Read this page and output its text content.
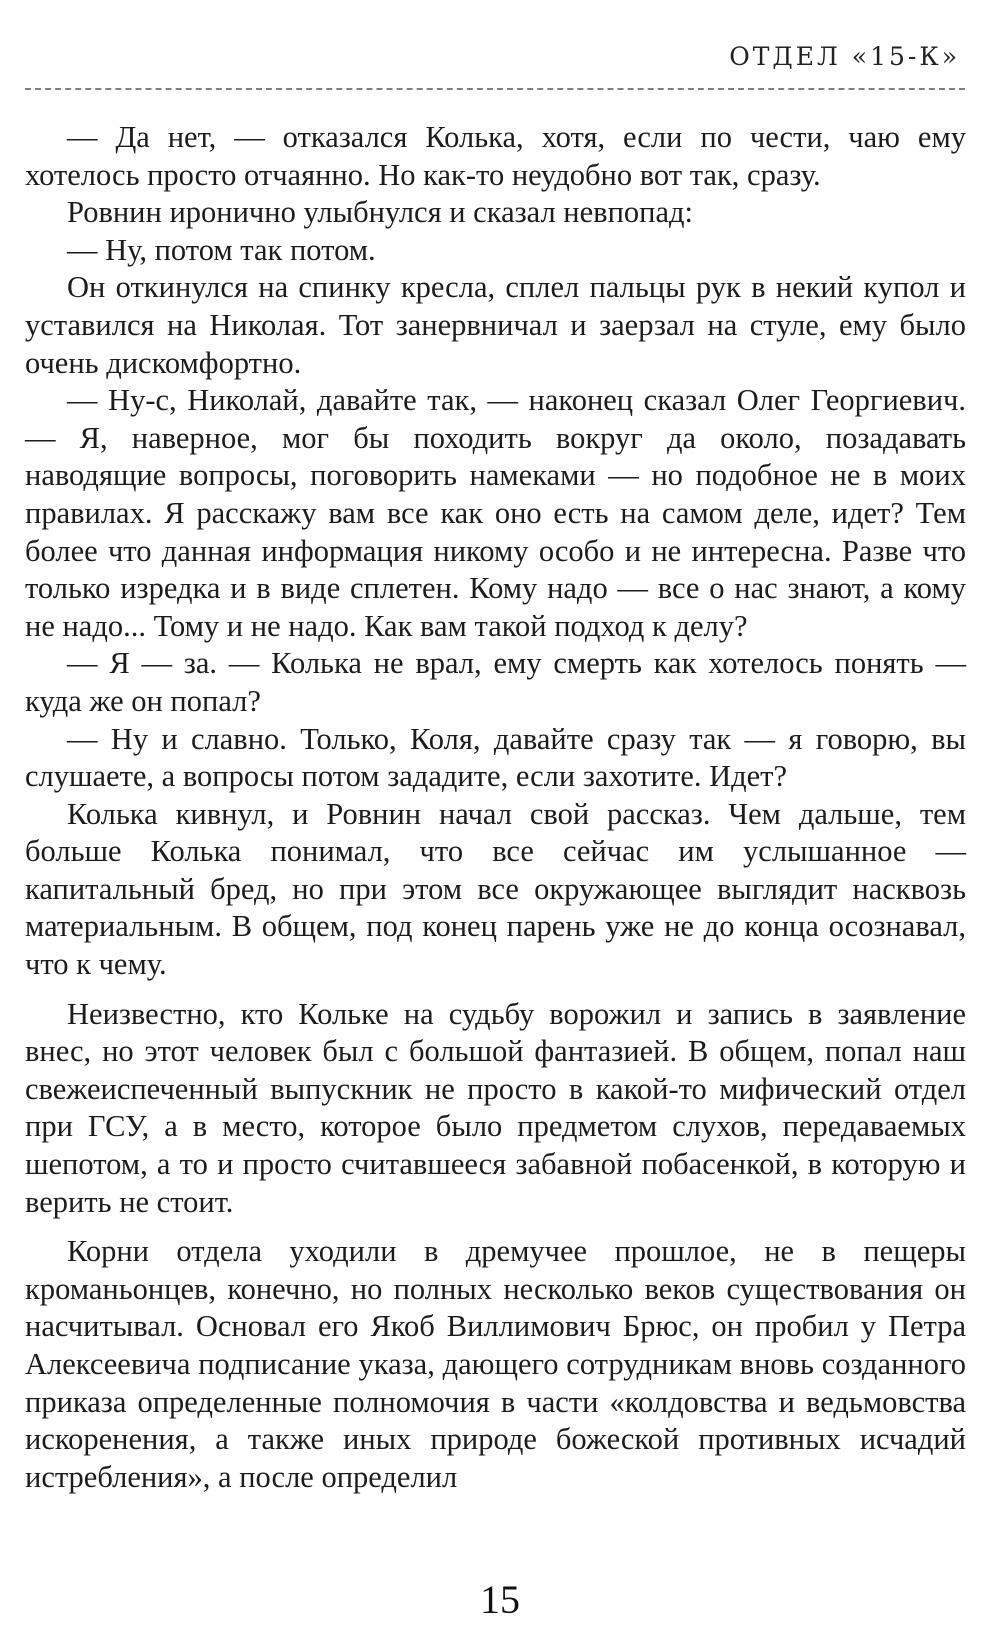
ОТДЕЛ «15-К»

— Да нет, — отказался Колька, хотя, если по чести, чаю ему хотелось просто отчаянно. Но как-то неудобно вот так, сразу.

Ровнин иронично улыбнулся и сказал невпопад:

— Ну, потом так потом.

Он откинулся на спинку кресла, сплел пальцы рук в некий купол и уставился на Николая. Тот занервничал и заерзал на стуле, ему было очень дискомфортно.

— Ну-с, Николай, давайте так, — наконец сказал Олег Георгиевич. — Я, наверное, мог бы походить вокруг да около, позадавать наводящие вопросы, поговорить намеками — но подобное не в моих правилах. Я расскажу вам все как оно есть на самом деле, идет? Тем более что данная информация никому особо и не интересна. Разве что только изредка и в виде сплетен. Кому надо — все о нас знают, а кому не надо... Тому и не надо. Как вам такой подход к делу?

— Я — за. — Колька не врал, ему смерть как хотелось понять — куда же он попал?

— Ну и славно. Только, Коля, давайте сразу так — я говорю, вы слушаете, а вопросы потом зададите, если захотите. Идет?

Колька кивнул, и Ровнин начал свой рассказ. Чем дальше, тем больше Колька понимал, что все сейчас им услышанное — капитальный бред, но при этом все окружающее выглядит насквозь материальным. В общем, под конец парень уже не до конца осознавал, что к чему.

Неизвестно, кто Кольке на судьбу ворожил и запись в заявление внес, но этот человек был с большой фантазией. В общем, попал наш свежеиспеченный выпускник не просто в какой-то мифический отдел при ГСУ, а в место, которое было предметом слухов, передаваемых шепотом, а то и просто считавшееся забавной побасенкой, в которую и верить не стоит.

Корни отдела уходили в дремучее прошлое, не в пещеры кроманьонцев, конечно, но полных несколько веков существования он насчитывал. Основал его Якоб Виллимович Брюс, он пробил у Петра Алексеевича подписание указа, дающего сотрудникам вновь созданного приказа определенные полномочия в части «колдовства и ведьмовства искоренения, а также иных природе божеской противных исчадий истребления», а после определил

15
